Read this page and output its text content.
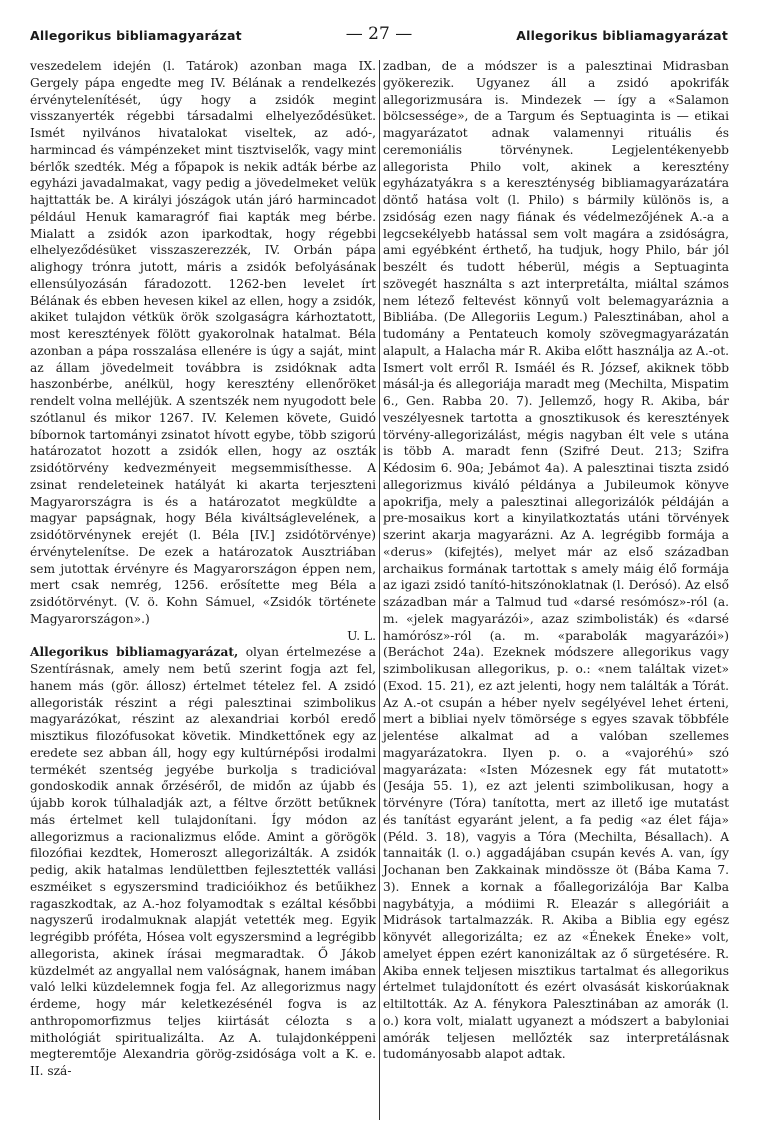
Allegorikus bibliamagyarázat	— 27 —	Allegorikus bibliamagyarázat

veszedelem idején (l. Tatárok) azonban maga IX. Gergely pápa engedte meg IV. Bélának a rendelkezés érvénytelenítését, úgy hogy a zsidók megint visszanyerték régebbi társadalmi elhelyeződésüket. Ismét nyilvános hivatalokat viseltek, az adó-, harmincad és vámpénzeket mint tisztviselők, vagy mint bérlők szedték. Még a főpapok is nekik adták bérbe az egyházi javadalmakat, vagy pedig a jövedelmeket velük hajttatták be. A királyi jószágok után járó harmincadot például Henuk kamaragróf fiai kapták meg bérbe. Mialatt a zsidók azon iparkodtak, hogy régebbi elhelyeződésüket visszaszerezzék, IV. Orbán pápa alighogy trónra jutott, máris a zsidók befolyásának ellensúlyozásán fáradozott. 1262-ben levelet írt Bélának és ebben hevesen kikel az ellen, hogy a zsidók, akiket tulajdon vétkük örök szolgaságra kárhoztatott, most keresztények fölött gyakorolnak hatalmat. Béla azonban a pápa rosszalása ellenére is úgy a saját, mint az állam jövedelmeit továbbra is zsidóknak adta haszonbérbe, anélkül, hogy keresztény ellenőröket rendelt volna melléjük. A szentszék nem nyugodott bele szótlanul és mikor 1267. IV. Kelemen követe, Guidó bíbornok tartományi zsinatot hívott egybe, több szigorú határozatot hozott a zsidók ellen, hogy az oszták zsidótörvény kedvezményeit megsemmisíthesse. A zsinat rendeleteinek hatályát ki akarta terjeszteni Magyarországra is és a határozatot megküldte a magyar papságnak, hogy Béla kiváltságlevelének, a zsidótörvénynek erejét (l. Béla [IV.] zsidótörvénye) érvénytelenítse. De ezek a határozatok Ausztriában sem jutottak érvényre és Magyarországon éppen nem, mert csak nemrég, 1256. erősítette meg Béla a zsidótörvényt. (V. ö. Kohn Sámuel, «Zsidók története Magyarországon».)

U. L.

Allegorikus bibliamagyarázat, olyan értelmezése a Szentírásnak, amely nem betű szerint fogja azt fel, hanem más (gör. állosz) értelmet tételez fel. A zsidó allegoristák részint a régi palesztinai szimbolikus magyarázókat, részint az alexandriai korból eredő misztikus filozófusokat követik. Mindkettőnek egy az eredete sez abban áll, hogy egy kultúrnépősi irodalmi termékét szentség jegyébe burkolja s tradicióval gondoskodik annak őrzéséről, de midőn az újabb és újabb korok túlhaladják azt, a féltve őrzött betűknek más értelmet kell tulajdonítani. Így módon az allegorizmus a racionalizmus előde. Amint a görögök filozófiai kezdtek, Homeroszt allegorizálták. A zsidók pedig, akik hatalmas lendülettben fejlesztették vallási eszméiket s egyszersmind tradicióikhoz és betűikhez ragaszkodtak, az A.-hoz folyamodtak s ezáltal későbbi nagyszerű irodalmuknak alapját vetették meg. Egyik legrégibb próféta, Hósea volt egyszersmind a legrégibb allegorista, akinek írásai megmaradtak. Ő Jákob küzdelmét az angyallal nem valóságnak, hanem imában való lelki küzdelemnek fogja fel. Az allegorizmus nagy érdeme, hogy már keletkezésénél fogva is az anthropomorfizmus teljes kiirtását célozta s a mithológiát spiritualizálta. Az A. tulajdonképpeni megteremtője Alexandria görög-zsidósága volt a K. e. II. szá-

zadban, de a módszer is a palesztinai Midrasban gyökerezik. Ugyanez áll a zsidó apokrifák allegorizmusára is. Mindezek — így a «Salamon bölcsessége», de a Targum és Septuaginta is — etikai magyarázatot adnak valamennyi rituális és ceremoniális törvénynek. Legjelentékenyebb allegorista Philo volt, akinek a keresztény egyházatyákra s a kereszténység bibliamagyarázatára döntő hatása volt (l. Philo) s bármily különös is, a zsidóság ezen nagy fiának és védelmezőjének A.-a a legcsekélyebb hatással sem volt magára a zsidóságra, ami egyébként érthető, ha tudjuk, hogy Philo, bár jól beszélt és tudott héberül, mégis a Septuaginta szövegét használta s azt interpretálta, miáltal számos nem létező feltevést könnyű volt belemagyaráznia a Bibliába. (De Allegoriis Legum.) Palesztinában, ahol a tudomány a Pentateuch komoly szövegmagyarázatán alapult, a Halacha már R. Akiba előtt használja az A.-ot. Ismert volt erről R. Ismáél és R. József, akiknek több másál-ja és allegoriája maradt meg (Mechilta, Mispatim 6., Gen. Rabba 20. 7). Jellemző, hogy R. Akiba, bár veszélyesnek tartotta a gnosztikusok és keresztények törvény-allegorizálást, mégis nagyban élt vele s utána is több A. maradt fenn (Szifré Deut. 213; Szifra Kédosim 6. 90a; Jebámot 4a). A palesztinai tiszta zsidó allegorizmus kiváló példánya a Jubileumok könyve apokrifja, mely a palesztinai allegorizálók példáján a pre-mosaikus kort a kinyilatkoztatás utáni törvények szerint akarja magyarázni. Az A. legrégibb formája a «derus» (kifejtés), melyet már az első században archaikus formának tartottak s amely máig élő formája az igazi zsidó tanító-hitszónoklatnak (l. Derósó). Az első században már a Talmud tud «darsé resómósz»-ról (a. m. «jelek magyarázói», azaz szimbolisták) és «darsé hamórósz»-ról (a. m. «parabolák magyarázói») (Beráchot 24a). Ezeknek módszere allegorikus vagy szimbolikusan allegorikus, p. o.: «nem találtak vizet» (Exod. 15. 21), ez azt jelenti, hogy nem találták a Tórát. Az A.-ot csupán a héber nyelv segélyével lehet érteni, mert a bibliai nyelv tömörsége s egyes szavak többféle jelentése alkalmat ad a valóban szellemes magyarázatokra. Ilyen p. o. a «vajoréhú» szó magyarázata: «Isten Mózesnek egy fát mutatott» (Jesája 55. 1), ez azt jelenti szimbolikusan, hogy a törvényre (Tóra) tanította, mert az illető ige mutatást és tanítást egyaránt jelent, a fa pedig «az élet fája» (Péld. 3. 18), vagyis a Tóra (Mechilta, Bésallach). A tannaiták (l. o.) aggadájában csupán kevés A. van, így Jochanan ben Zakkainak mindössze öt (Bába Kama 7. 3). Ennek a kornak a főallegorizálója Bar Kalba nagybátyja, a módiimi R. Eleazár s allegóriáit a Midrások tartalmazzák. R. Akiba a Biblia egy egész könyvét allegorizálta; ez az «Énekek Éneke» volt, amelyet éppen ezért kanonizáltak az ő sürgetésére. R. Akiba ennek teljesen misztikus tartalmat és allegorikus értelmet tulajdonított és ezért olvasását kiskorúaknak eltiltották. Az A. fénykora Palesztinában az amorák (l. o.) kora volt, mialatt ugyanezt a módszert a babyloniai amórák teljesen mellőzték saz interpretálásnak tudományosabb alapot adtak.
